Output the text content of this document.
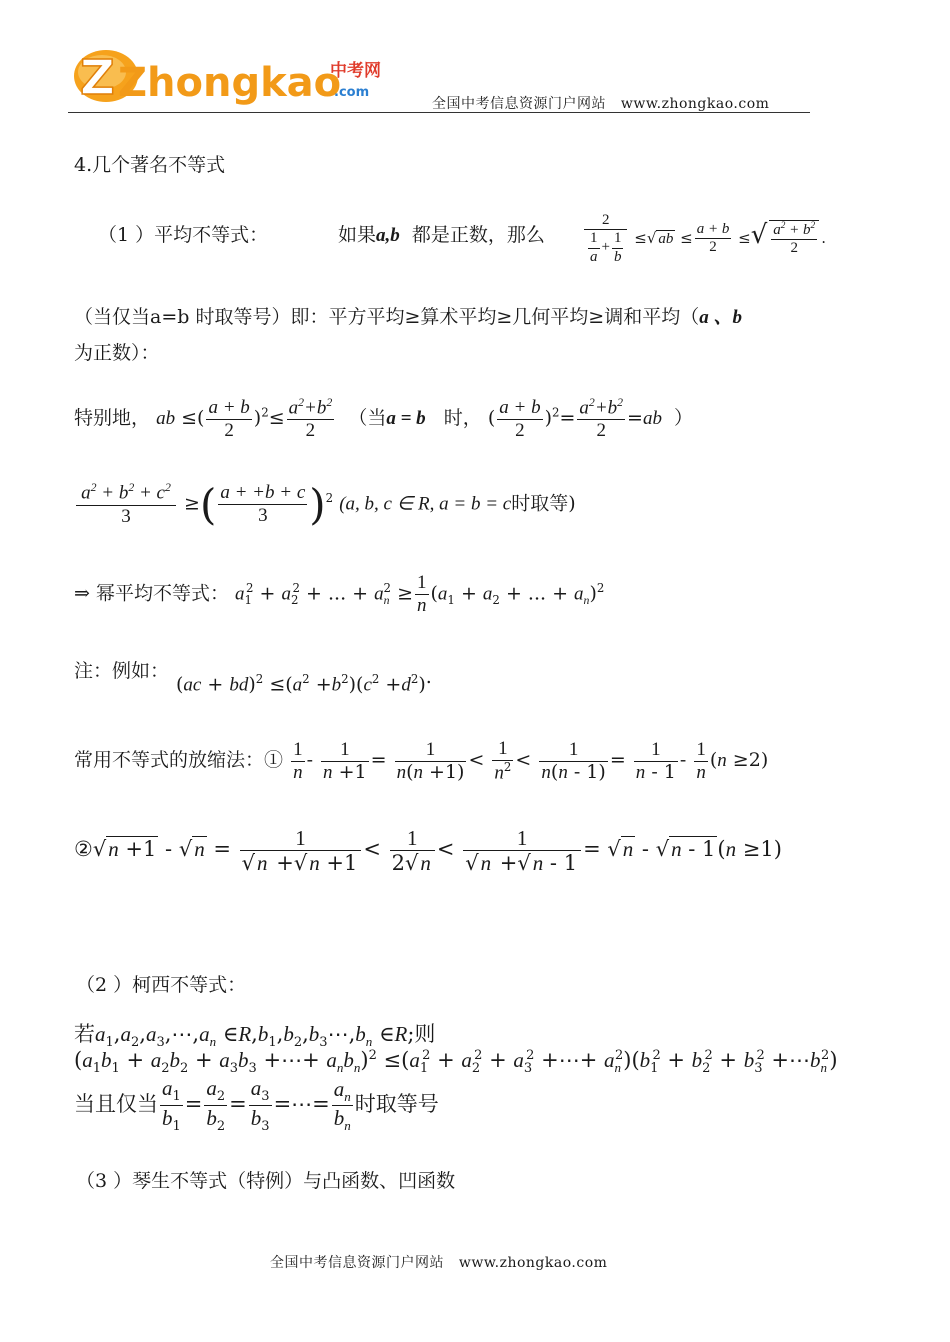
Z Zhongkao
中考网
.com
全国中考信息资源门户网站   www.zhongkao.com
4.几个著名不等式
（1 ）平均不等式：	如果a,b 都是正数，那么	$\frac{2}{\frac{1}{a} + \frac{1}{b}}$ ≤√ ab ≤ $\frac{a + b}{2}$ ≤√ $\frac{a^2 + b^2}{2}$ .
（当仅当a=b 时取等号）即：平方平均≥算术平均≥几何平均≥调和平均（a 、b
为正数）：
特别地， ab ≤( $\frac{a + b}{2} )^2\le \frac{a^2+b^2}{2}$ （当a = b 时， ( $\frac{a + b}{2} )^2= \frac{a^2+b^2}{2} =ab$ ）
$\frac{a^2 + b^2 + c^2}{3}$ ≥( $\frac{a + +b + c}{3} )^2$ (a, b, c ∈ R, a = b = c时取等)
⇒ 幂平均不等式： $a_1^2 + a_2^2$ + ... + $a_n^2 \ge \frac{1}{n} (a_1 + a_2$ + ... + $a_n)^2$
注：例如：
$(ac + bd)^2 \le(a^2 +b^2)(c^2 +d^2)$.
常用不等式的放缩法：① $\frac{1}{n} - \frac{1}{n +1} = \frac{1}{n(n +1)} < \frac{1}{n^2} < \frac{1}{n(n - 1)} = \frac{1}{n - 1} - \frac{1}{n} (n \ge 2)$
②√n $+1 - √n = \frac{1}{√n +√n +1} < \frac{1}{2√n} < \frac{1}{√n +√n - 1} = √n - √n - 1(n \ge 1)$
（2 ）柯西不等式：
若$a_1,a_2,a_3,\cdots,a_n$ $\in R,b_1,b_2,b_3\cdots,b_n$ ∈R;则
($a_1b_1 + a_2b_2 + a_3b_3$ +⋯+ $a_nb_n)^2 \le(a_1^2 + a_2^2 + a_3^2$ +⋯+ $a_n^2)(b_1^2 + b_2^2 + b_3^2$ $+\cdots b_n^2$)
当且仅当 $\frac{a_1}{b_1} = \frac{a_2}{b_2} = \frac{a_3}{b_3}$ =⋯= $\frac{a_n}{b_n}$ 时取等号
（3 ）琴生不等式（特例）与凸函数、凹函数
全国中考信息资源门户网站   www.zhongkao.com
